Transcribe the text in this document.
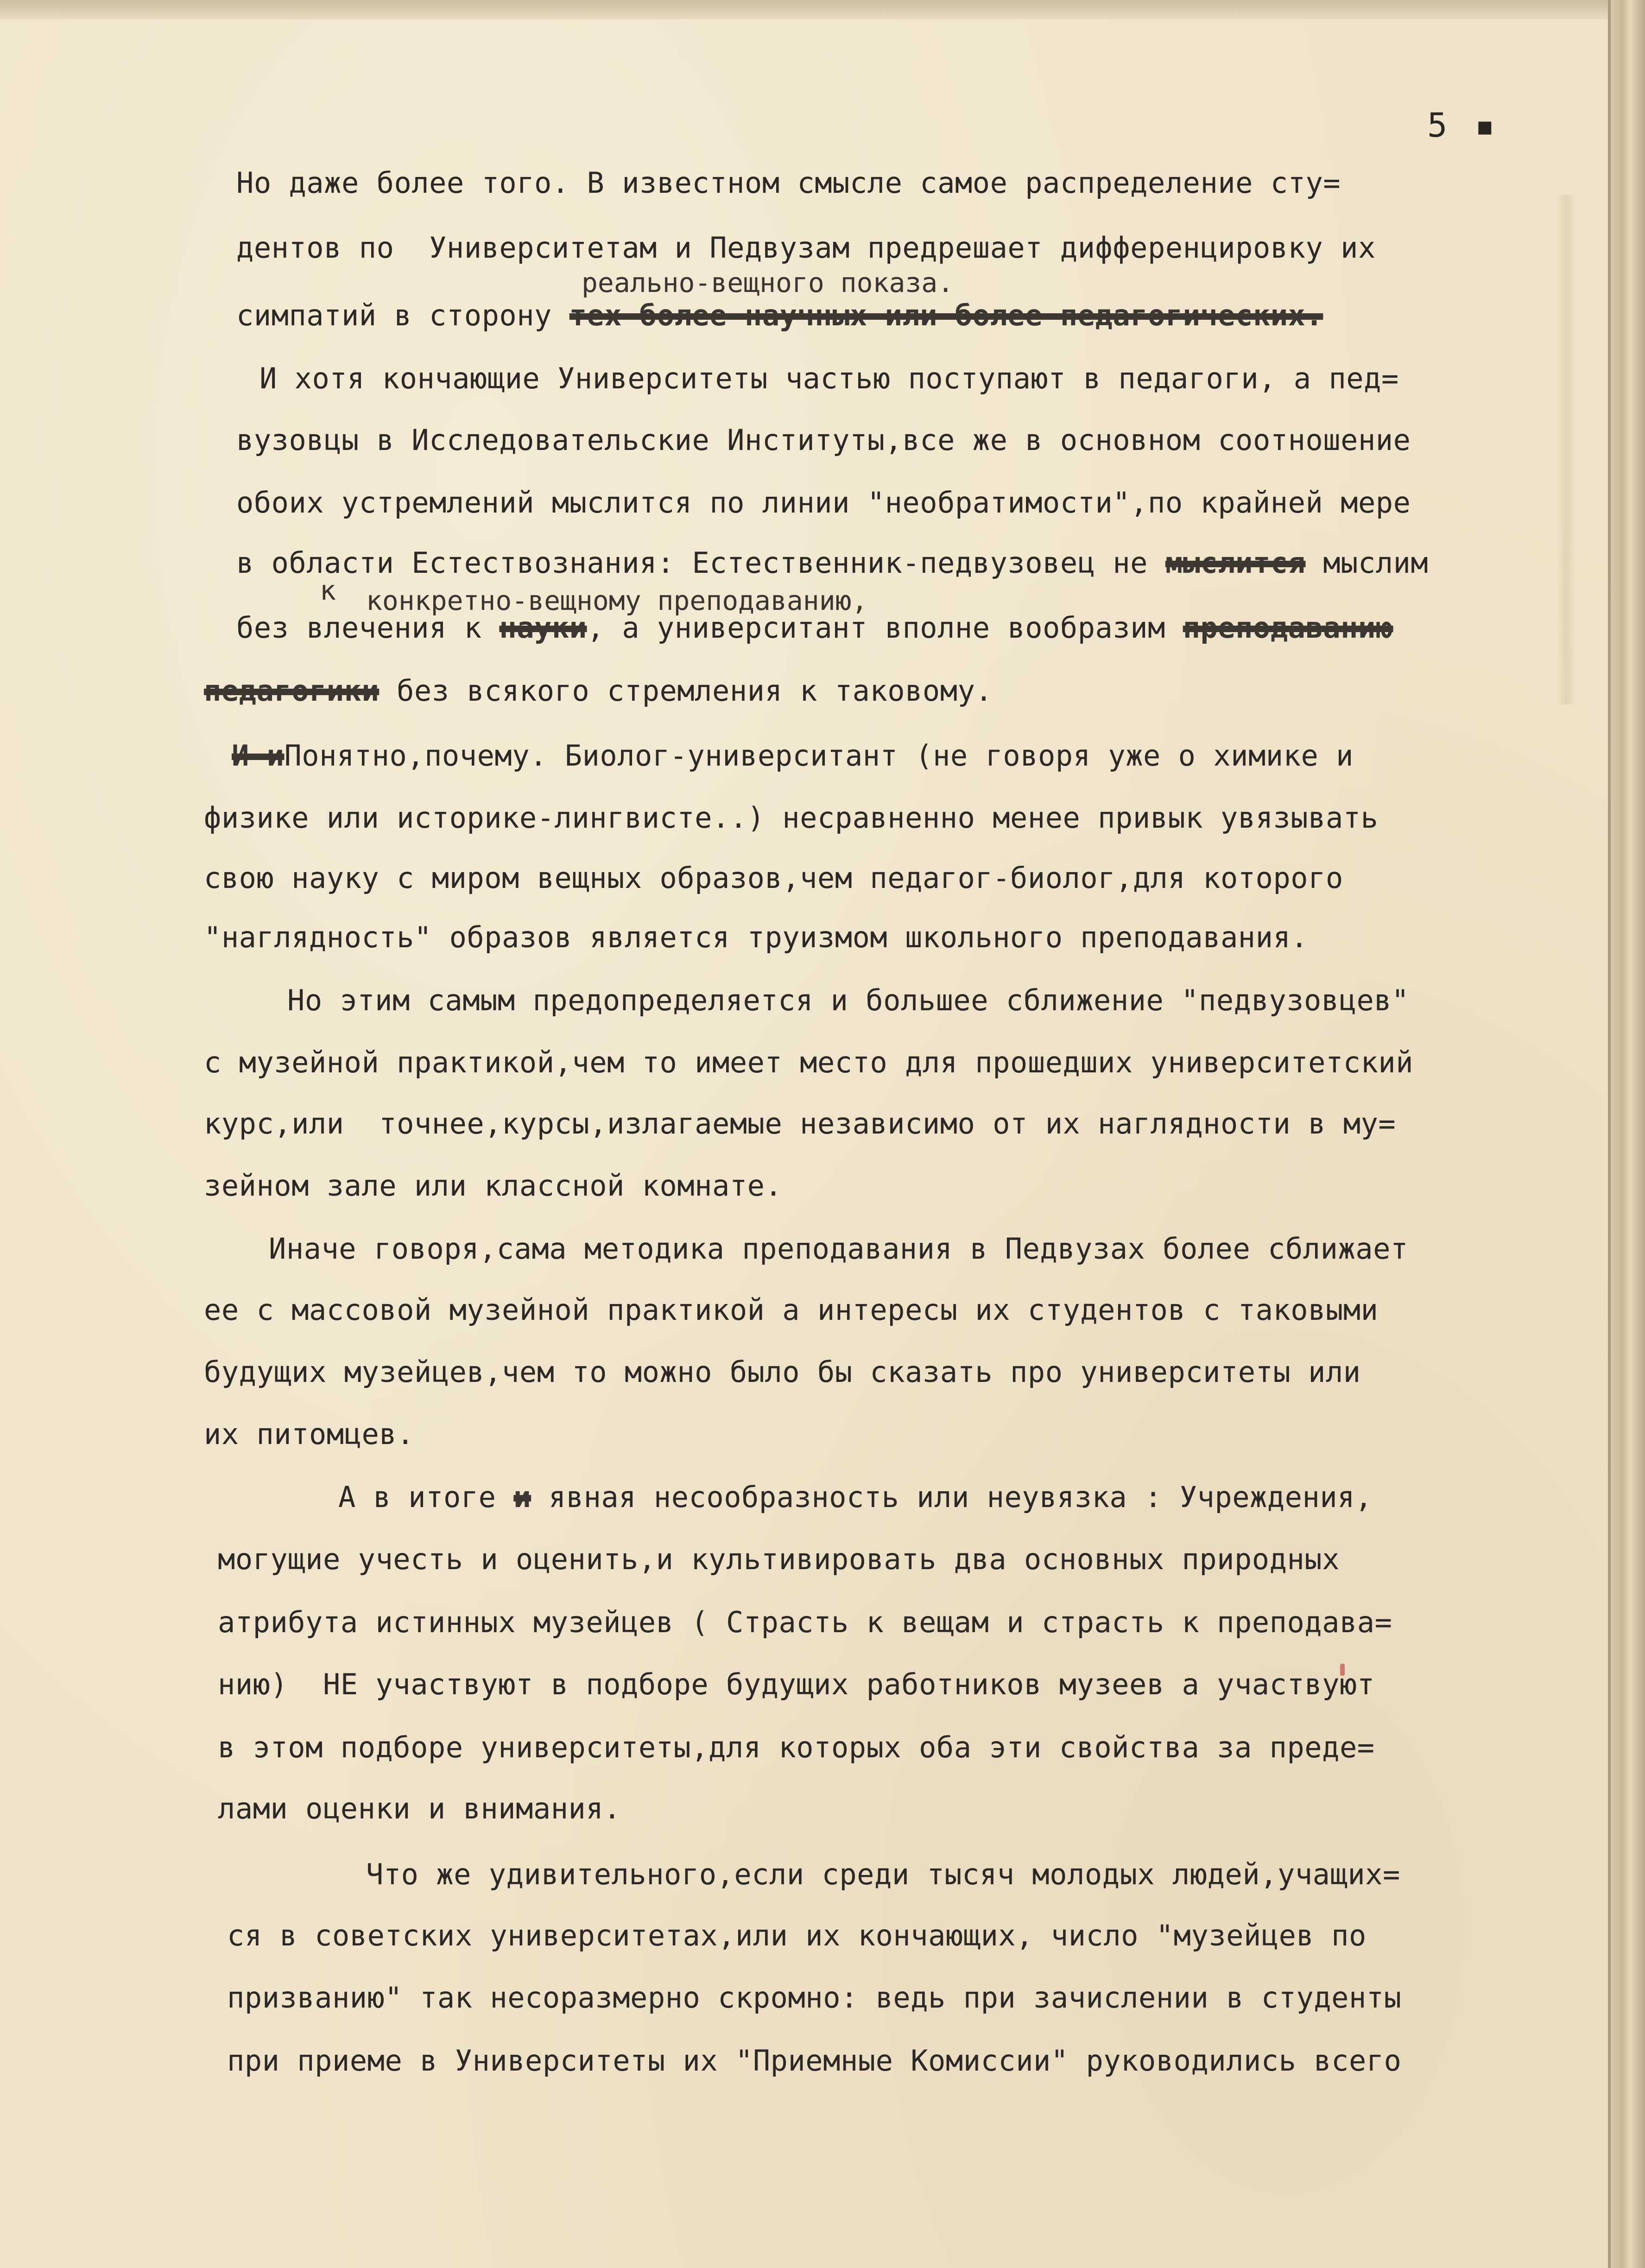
5 ▪
Но даже более того. В известном смысле самое распределение сту=
реально-вещного показа.
дентов по  Университетам и Педвузам предрешает дифференцировку их
симпатий в сторону тех более научных или более педагогических.
И хотя кончающие Университеты частью поступают в педагоги, а пед=
вузовцы в Исследовательские Институты,все же в основном соотношение
обоих устремлений мыслится по линии "необратимости",по крайней мере
в области Естествознания: Естественник-педвузовец не мыслится мыслим
к конкретно-вещному преподаванию,
без влечения к науки, а университант вполне вообразим преподаванию
педагогики без всякого стремления к таковому.
И иПонятно,почему. Биолог-университант (не говоря уже о химике и
физике или историке-лингвисте..) несравненно менее привык увязывать
свою науку с миром вещных образов,чем педагог-биолог,для которого
"наглядность" образов является труизмом школьного преподавания.
Но этим самым предопределяется и большее сближение "педвузовцев"
с музейной практикой,чем то имеет место для прошедших университетский
курс,или  точнее,курсы,излагаемые независимо от их наглядности в му=
зейном зале или классной комнате.
Иначе говоря,сама методика преподавания в Педвузах более сближает
ее с массовой музейной практикой а интересы их студентов с таковыми
будущих музейцев,чем то можно было бы сказать про университеты или
их питомцев.
А в итоге и явная несообразность или неувязка : Учреждения,
могущие учесть и оценить,и культивировать два основных природных
атрибута истинных музейцев ( Страсть к вещам и страсть к преподава=
нию)  НЕ участвуют в подборе будущих работников музеев а участвуют
в этом подборе университеты,для которых оба эти свойства за преде=
лами оценки и внимания.
Что же удивительного,если среди тысяч молодых людей,учащих=
ся в советских университетах,или их кончающих, число "музейцев по
призванию" так несоразмерно скромно: ведь при зачислении в студенты
при приеме в Университеты их "Приемные Комиссии" руководились всего
